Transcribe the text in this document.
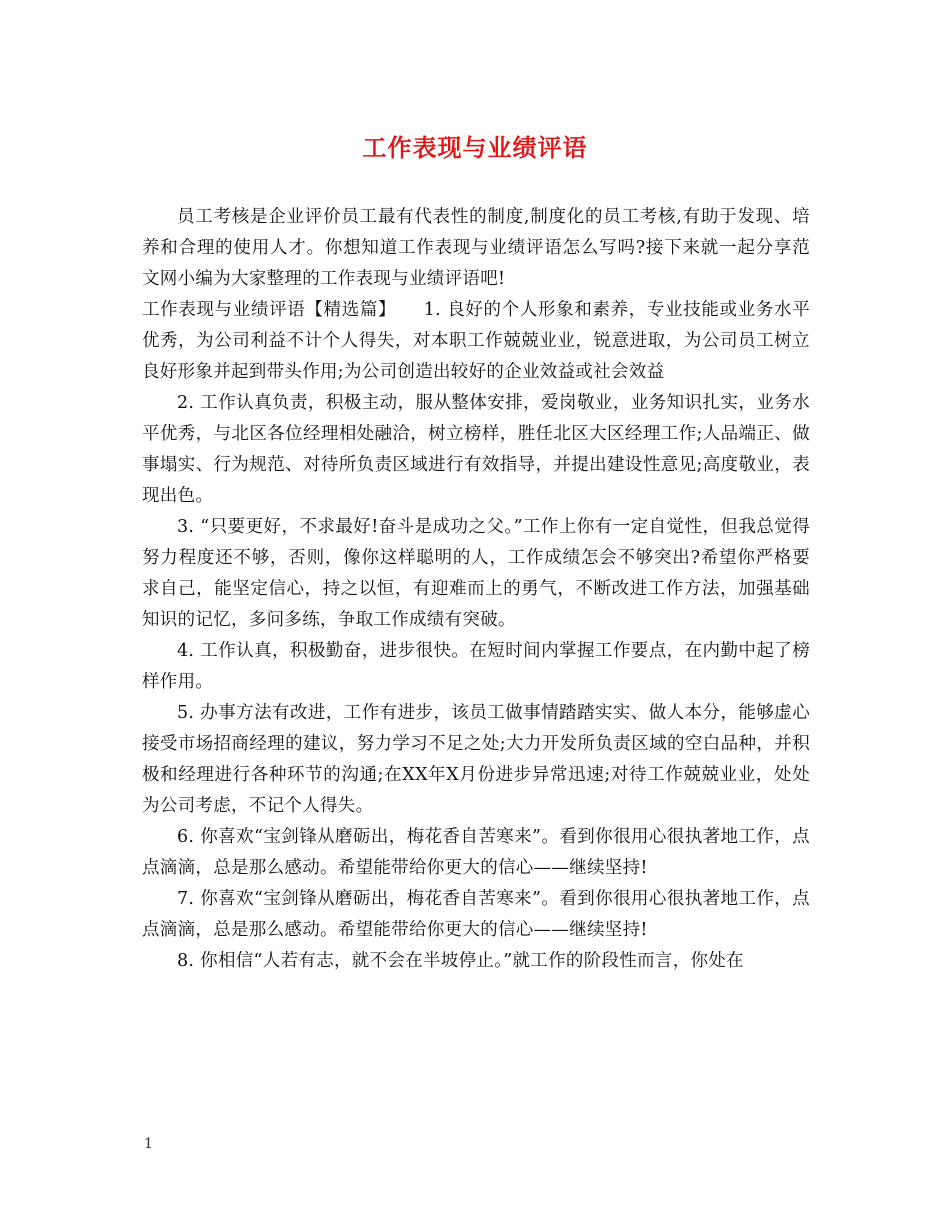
工作表现与业绩评语

员工考核是企业评价员工最有代表性的制度,制度化的员工考核,有助于发现、培养和合理的使用人才。你想知道工作表现与业绩评语怎么写吗?接下来就一起分享范文网小编为大家整理的工作表现与业绩评语吧!

工作表现与业绩评语【精选篇】　　1. 良好的个人形象和素养，专业技能或业务水平优秀，为公司利益不计个人得失，对本职工作兢兢业业，锐意进取，为公司员工树立良好形象并起到带头作用;为公司创造出较好的企业效益或社会效益

2. 工作认真负责，积极主动，服从整体安排，爱岗敬业，业务知识扎实，业务水平优秀，与北区各位经理相处融洽，树立榜样，胜任北区大区经理工作;人品端正、做事塌实、行为规范、对待所负责区域进行有效指导，并提出建设性意见;高度敬业，表现出色。

3. “只要更好，不求最好!奋斗是成功之父。”工作上你有一定自觉性，但我总觉得努力程度还不够，否则，像你这样聪明的人，工作成绩怎会不够突出?希望你严格要求自己，能坚定信心，持之以恒，有迎难而上的勇气，不断改进工作方法，加强基础知识的记忆，多问多练，争取工作成绩有突破。

4. 工作认真，积极勤奋，进步很快。在短时间内掌握工作要点，在内勤中起了榜样作用。

5. 办事方法有改进，工作有进步，该员工做事情踏踏实实、做人本分，能够虚心接受市场招商经理的建议，努力学习不足之处;大力开发所负责区域的空白品种，并积极和经理进行各种环节的沟通;在XX年X月份进步异常迅速;对待工作兢兢业业，处处为公司考虑，不记个人得失。

6. 你喜欢“宝剑锋从磨砺出，梅花香自苦寒来”。看到你很用心很执著地工作，点点滴滴，总是那么感动。希望能带给你更大的信心——继续坚持!

7. 你喜欢“宝剑锋从磨砺出，梅花香自苦寒来”。看到你很用心很执著地工作，点点滴滴，总是那么感动。希望能带给你更大的信心——继续坚持!

8. 你相信“人若有志，就不会在半坡停止。”就工作的阶段性而言，你处在

1
